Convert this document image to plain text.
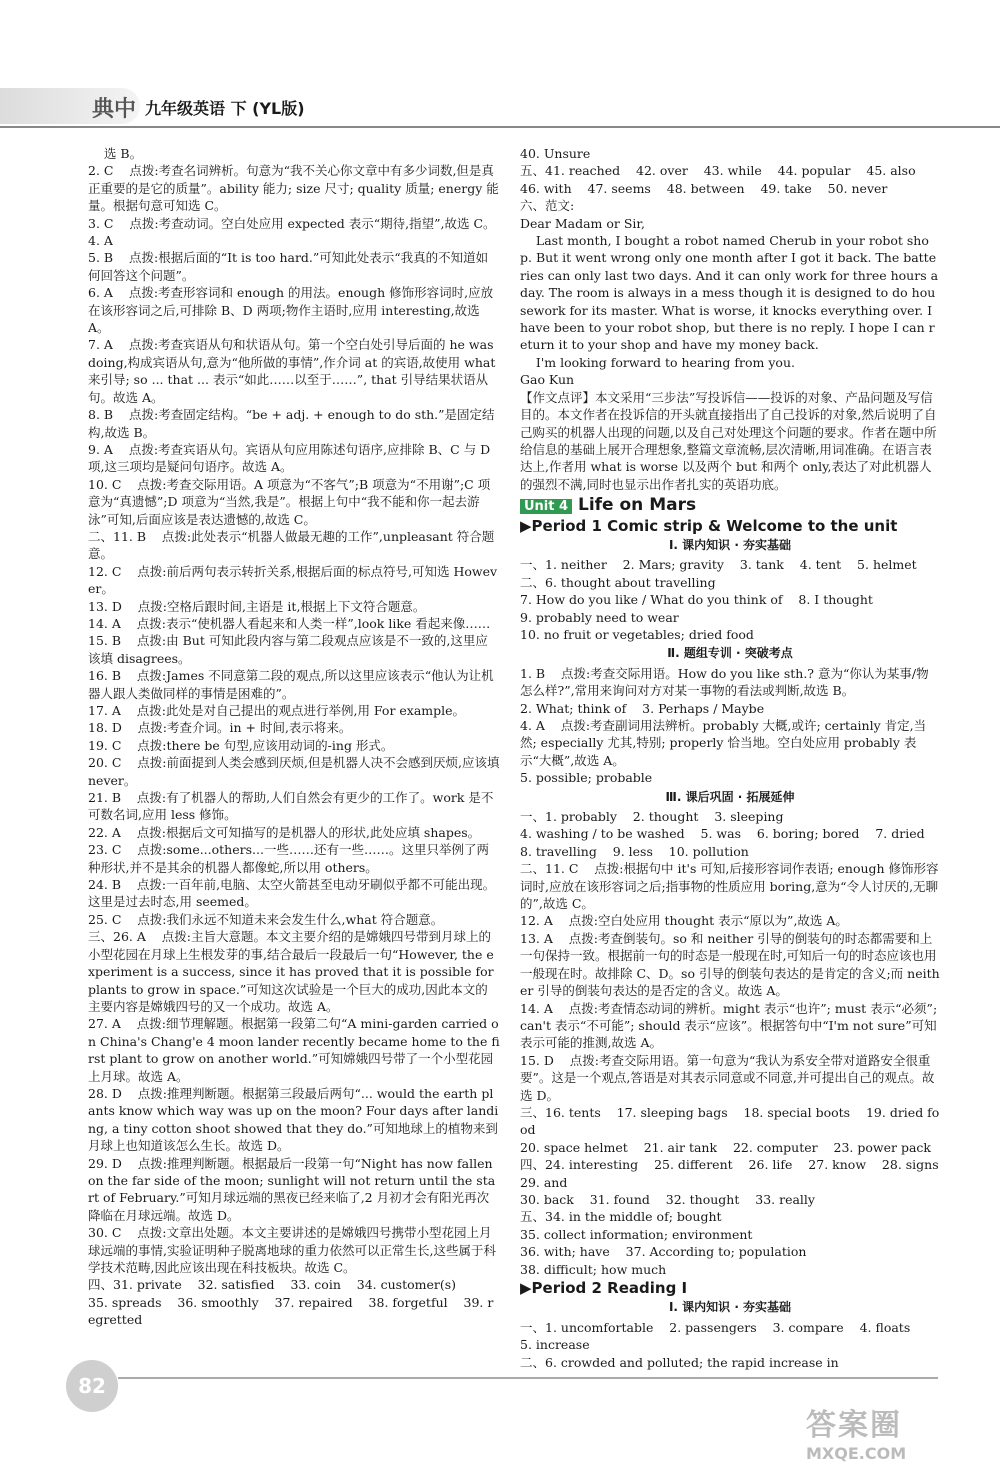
典中 九年级英语 下 (YL版)
选 B。
2. C    点拨:考查名词辨析。句意为“我不关心你文章中有多少词数,但是真正重要的是它的质量”。ability 能力; size 尺寸; quality 质量; energy 能量。根据句意可知选 C。
3. C    点拨:考查动词。空白处应用 expected 表示“期待,指望”,故选 C。
4. A
5. B    点拨:根据后面的“It is too hard.”可知此处表示“我真的不知道如何回答这个问题”。
6. A    点拨:考查形容词和 enough 的用法。enough 修饰形容词时,应放在该形容词之后,可排除 B、D 两项;物作主语时,应用 interesting,故选 A。
7. A    点拨:考查宾语从句和状语从句。第一个空白处引导后面的 he was doing,构成宾语从句,意为“他所做的事情”,作介词 at 的宾语,故使用 what 来引导; so ... that ... 表示“如此……以至于……”, that 引导结果状语从句。故选 A。
8. B    点拨:考查固定结构。“be + adj. + enough to do sth.”是固定结构,故选 B。
9. A    点拨:考查宾语从句。宾语从句应用陈述句语序,应排除 B、C 与 D 项,这三项均是疑问句语序。故选 A。
10. C    点拨:考查交际用语。A 项意为“不客气”;B 项意为“不用谢”;C 项意为“真遗憾”;D 项意为“当然,我是”。根据上句中“我不能和你一起去游泳”可知,后面应该是表达遗憾的,故选 C。
二、11. B    点拨:此处表示“机器人做最无趣的工作”,unpleasant 符合题意。
12. C    点拨:前后两句表示转折关系,根据后面的标点符号,可知选 However。
13. D    点拨:空格后跟时间,主语是 it,根据上下文符合题意。
14. A    点拨:表示“使机器人看起来和人类一样”,look like 看起来像……
15. B    点拨:由 But 可知此段内容与第二段观点应该是不一致的,这里应该填 disagrees。
16. B    点拨:James 不同意第二段的观点,所以这里应该表示“他认为让机器人跟人类做同样的事情是困难的”。
17. A    点拨:此处是对自己提出的观点进行举例,用 For example。
18. D    点拨:考查介词。in + 时间,表示将来。
19. C    点拨:there be 句型,应该用动词的-ing 形式。
20. C    点拨:前面提到人类会感到厌烦,但是机器人决不会感到厌烦,应该填 never。
21. B    点拨:有了机器人的帮助,人们自然会有更少的工作了。work 是不可数名词,应用 less 修饰。
22. A    点拨:根据后文可知描写的是机器人的形状,此处应填 shapes。
23. C    点拨:some...others...一些……还有一些……。这里只举例了两种形状,并不是其余的机器人都像蛇,所以用 others。
24. B    点拨:一百年前,电脑、太空火箭甚至电动牙刷似乎都不可能出现。这里是过去时态,用 seemed。
25. C    点拨:我们永远不知道未来会发生什么,what 符合题意。
三、26. A    点拨:主旨大意题。本文主要介绍的是嫦娥四号带到月球上的小型花园在月球上生根发芽的事,结合最后一段最后一句“However, the experiment is a success, since it has proved that it is possible for plants to grow in space.”可知这次试验是一个巨大的成功,因此本文的主要内容是嫦娥四号的又一个成功。故选 A。
27. A    点拨:细节理解题。根据第一段第二句“A mini-garden carried on China's Chang'e 4 moon lander recently became home to the first plant to grow on another world.”可知嫦娥四号带了一个小型花园上月球。故选 A。
28. D    点拨:推理判断题。根据第三段最后两句“... would the earth plants know which way was up on the moon? Four days after landing, a tiny cotton shoot showed that they do.”可知地球上的植物来到月球上也知道该怎么生长。故选 D。
29. D    点拨:推理判断题。根据最后一段第一句“Night has now fallen on the far side of the moon; sunlight will not return until the start of February.”可知月球远端的黑夜已经来临了,2 月初才会有阳光再次降临在月球远端。故选 D。
30. C    点拨:文章出处题。本文主要讲述的是嫦娥四号携带小型花园上月球远端的事情,实验证明种子脱离地球的重力依然可以正常生长,这些属于科学技术范畴,因此应该出现在科技板块。故选 C。
四、31. private    32. satisfied    33. coin    34. customer(s)
35. spreads    36. smoothly    37. repaired    38. forgetful    39. regretted
40. Unsure
五、41. reached    42. over    43. while    44. popular    45. also
46. with    47. seems    48. between    49. take    50. never
六、范文:
Dear Madam or Sir,
Last month, I bought a robot named Cherub in your robot shop. But it went wrong only one month after I got it back. The batteries can only last two days. And it can only work for three hours a day. The room is always in a mess though it is designed to do housework for its master. What is worse, it knocks everything over. I have been to your robot shop, but there is no reply. I hope I can return it to your shop and have my money back.
I'm looking forward to hearing from you.
Gao Kun
【作文点评】本文采用“三步法”写投诉信——投诉的对象、产品问题及写信目的。本文作者在投诉信的开头就直接指出了自己投诉的对象,然后说明了自己购买的机器人出现的问题,以及自己对处理这个问题的要求。作者在题中所给信息的基础上展开合理想象,整篇文章流畅,层次清晰,用词准确。在语言表达上,作者用 what is worse 以及两个 but 和两个 only,表达了对此机器人的强烈不满,同时也显示出作者扎实的英语功底。
Unit 4 Life on Mars
▶Period 1 Comic strip & Welcome to the unit
Ⅰ. 课内知识 · 夯实基础
一、1. neither    2. Mars; gravity    3. tank    4. tent    5. helmet
二、6. thought about travelling
7. How do you like / What do you think of    8. I thought
9. probably need to wear
10. no fruit or vegetables; dried food
Ⅱ. 题组专训 · 突破考点
1. B    点拨:考查交际用语。How do you like sth.? 意为“你认为某事/物怎么样?”,常用来询问对方对某一事物的看法或判断,故选 B。
2. What; think of    3. Perhaps / Maybe
4. A    点拨:考查副词用法辨析。probably 大概,或许; certainly 肯定,当然; especially 尤其,特别; properly 恰当地。空白处应用 probably 表示“大概”,故选 A。
5. possible; probable
Ⅲ. 课后巩固 · 拓展延伸
一、1. probably    2. thought    3. sleeping
4. washing / to be washed    5. was    6. boring; bored    7. dried
8. travelling    9. less    10. pollution
二、11. C    点拨:根据句中 it's 可知,后接形容词作表语; enough 修饰形容词时,应放在该形容词之后;指事物的性质应用 boring,意为“令人讨厌的,无聊的”,故选 C。
12. A    点拨:空白处应用 thought 表示“原以为”,故选 A。
13. A    点拨:考查倒装句。so 和 neither 引导的倒装句的时态都需要和上一句保持一致。根据前一句的时态是一般现在时,可知后一句的时态应该也用一般现在时。故排除 C、D。so 引导的倒装句表达的是肯定的含义;而 neither 引导的倒装句表达的是否定的含义。故选 A。
14. A    点拨:考查情态动词的辨析。might 表示“也许”; must 表示“必须”; can't 表示“不可能”; should 表示“应该”。根据答句中“I'm not sure”可知表示可能的推测,故选 A。
15. D    点拨:考查交际用语。第一句意为“我认为系安全带对道路安全很重要”。这是一个观点,答语是对其表示同意或不同意,并可提出自己的观点。故选 D。
三、16. tents    17. sleeping bags    18. special boots    19. dried food
20. space helmet    21. air tank    22. computer    23. power pack
四、24. interesting    25. different    26. life    27. know    28. signs    29. and
30. back    31. found    32. thought    33. really
五、34. in the middle of; bought
35. collect information; environment
36. with; have    37. According to; population
38. difficult; how much
▶Period 2 Reading Ⅰ
Ⅰ. 课内知识 · 夯实基础
一、1. uncomfortable    2. passengers    3. compare    4. floats
5. increase
二、6. crowded and polluted; the rapid increase in
82
答案圈
MXQE.COM
